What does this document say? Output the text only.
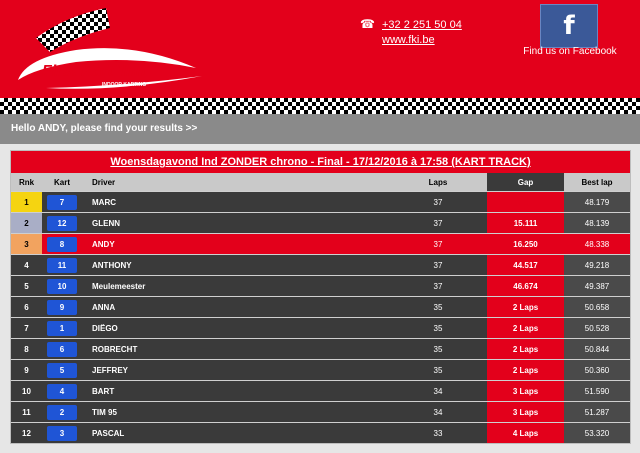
First Kart 'Inn
INDOOR KARTING
☎ +32 2 251 50 04
www.fki.be	f
Find us on Facebook
Hello ANDY, please find your results >>
Woensdagavond Ind ZONDER chrono - Final - 17/12/2016 à 17:58 (KART TRACK)
Rnk	Kart	Driver	Laps	Gap	Best lap
1	7	MARC	37		48.179
2	12	GLENN	37	15.111	48.139
3	8	ANDY	37	16.250	48.338
4	11	ANTHONY	37	44.517	49.218
5	10	Meulemeester	37	46.674	49.387
6	9	ANNA	35	2 Laps	50.658
7	1	DIËGO	35	2 Laps	50.528
8	6	ROBRECHT	35	2 Laps	50.844
9	5	JEFFREY	35	2 Laps	50.360
10	4	BART	34	3 Laps	51.590
11	2	TIM 95	34	3 Laps	51.287
12	3	PASCAL	33	4 Laps	53.320
